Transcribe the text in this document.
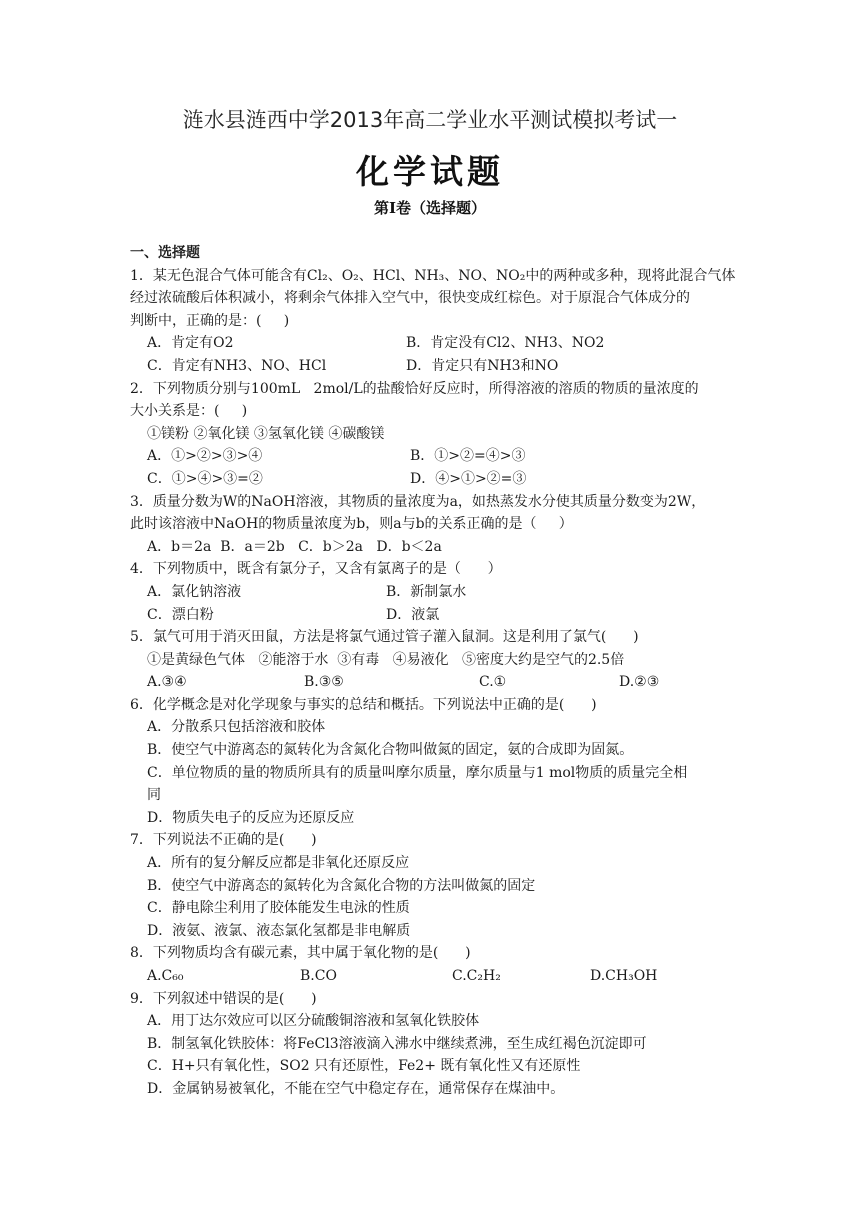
涟水县涟西中学2013年高二学业水平测试模拟考试一
化学试题
第Ⅰ卷（选择题）
一、选择题
1．某无色混合气体可能含有Cl₂、O₂、HCl、NH₃、NO、NO₂中的两种或多种，现将此混合气体
经过浓硫酸后体积减小，将剩余气体排入空气中，很快变成红棕色。对于原混合气体成分的
判断中，正确的是：(     )
A．肯定有O2	B．肯定没有Cl2、NH3、NO2
C．肯定有NH3、NO、HCl	D．肯定只有NH3和NO
2．下列物质分别与100mL   2mol/L的盐酸恰好反应时，所得溶液的溶质的物质的量浓度的
大小关系是：(     )
①镁粉 ②氧化镁 ③氢氧化镁 ④碳酸镁
A．①>②>③>④	B．①>②=④>③
C．①>④>③=②	D．④>①>②=③
3．质量分数为W的NaOH溶液，其物质的量浓度为a，如热蒸发水分使其质量分数变为2W，
此时该溶液中NaOH的物质量浓度为b，则a与b的关系正确的是（     ）
A．b＝2a  B．a＝2b   C．b＞2a   D．b＜2a
4．下列物质中，既含有氯分子，又含有氯离子的是（      ）
A．氯化钠溶液	B．新制氯水
C．漂白粉	D．液氯
5．氯气可用于消灭田鼠，方法是将氯气通过管子灌入鼠洞。这是利用了氯气(      )
①是黄绿色气体   ②能溶于水  ③有毒   ④易液化   ⑤密度大约是空气的2.5倍
A.③④	B.③⑤	C.①	D.②③
6．化学概念是对化学现象与事实的总结和概括。下列说法中正确的是(      )
A．分散系只包括溶液和胶体
B．使空气中游离态的氮转化为含氮化合物叫做氮的固定，氨的合成即为固氮。
C．单位物质的量的物质所具有的质量叫摩尔质量，摩尔质量与1 mol物质的质量完全相
同
D．物质失电子的反应为还原反应
7．下列说法不正确的是(      )
A．所有的复分解反应都是非氧化还原反应
B．使空气中游离态的氮转化为含氮化合物的方法叫做氮的固定
C．静电除尘利用了胶体能发生电泳的性质
D．液氨、液氯、液态氯化氢都是非电解质
8．下列物质均含有碳元素，其中属于氧化物的是(      )
A.C₆₀	B.CO	C.C₂H₂	D.CH₃OH
9．下列叙述中错误的是(      )
A．用丁达尔效应可以区分硫酸铜溶液和氢氧化铁胶体
B．制氢氧化铁胶体：将FeCl3溶液滴入沸水中继续煮沸，至生成红褐色沉淀即可
C．H+只有氧化性，SO2 只有还原性，Fe2+ 既有氧化性又有还原性
D．金属钠易被氧化，不能在空气中稳定存在，通常保存在煤油中。
